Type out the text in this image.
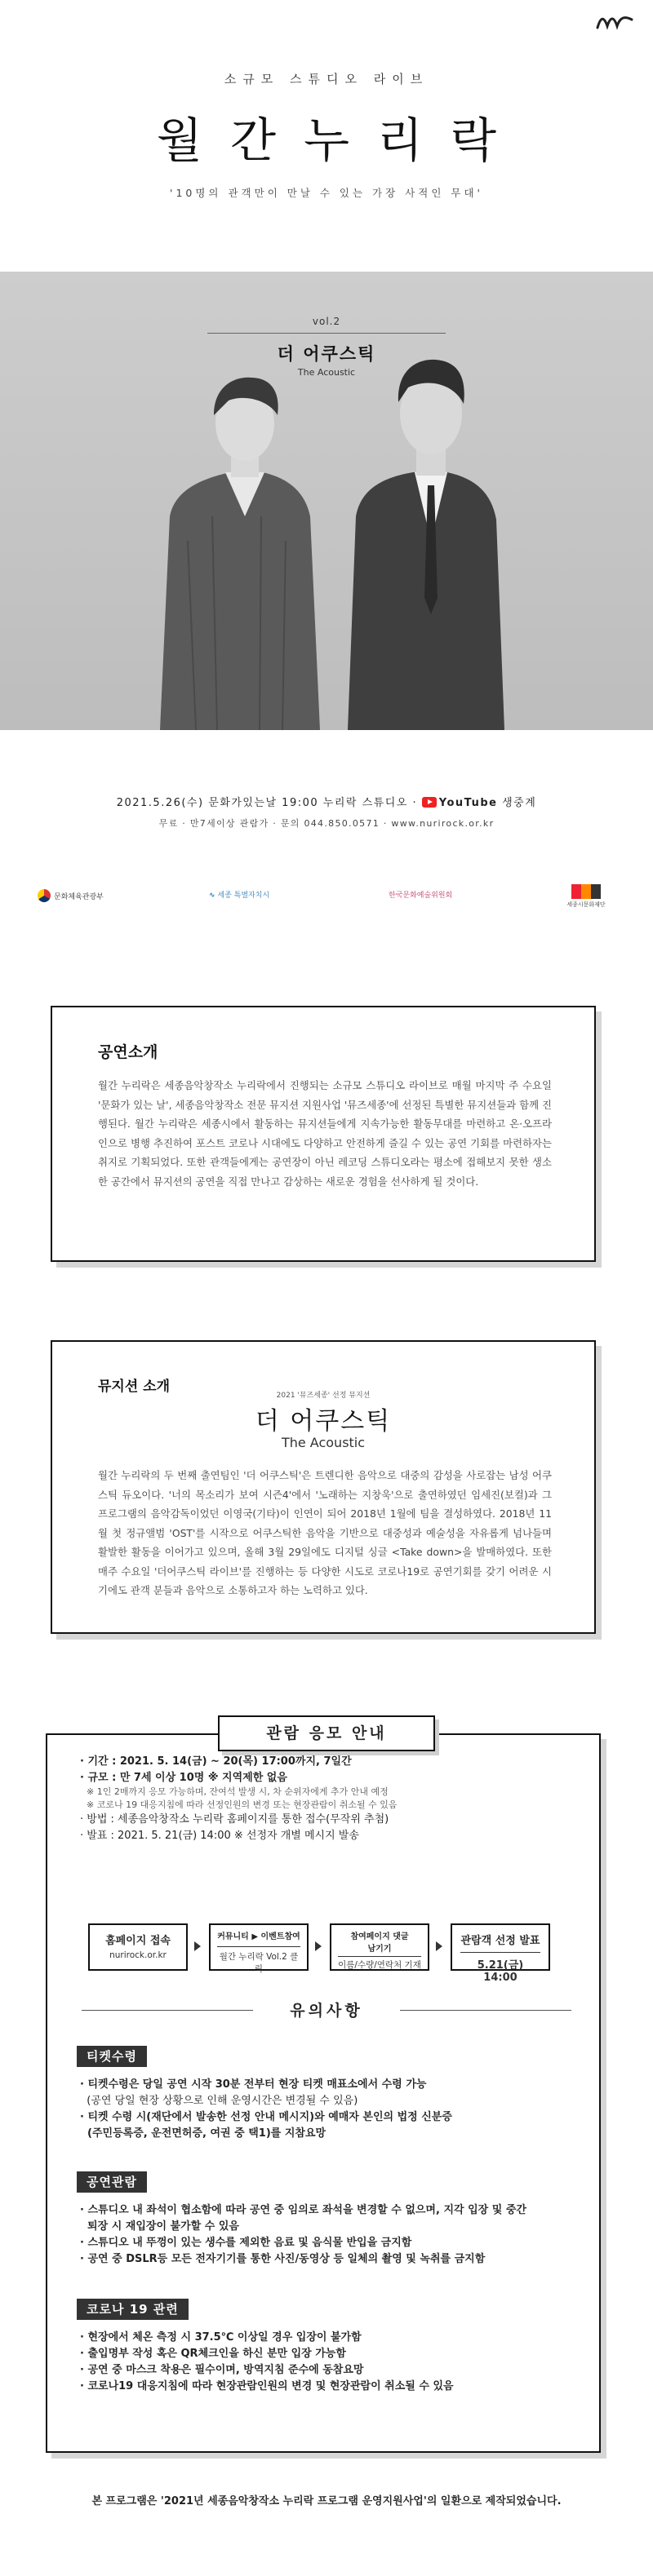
소규모 스튜디오 라이브
월간누리락
'10명의 관객만이 만날 수 있는 가장 사적인 무대'
vol.2
더 어쿠스틱
The Acoustic
2021.5.26(수) 문화가있는날 19:00 누리락 스튜디오 · YouTube 생중계
무료 · 만7세이상 관람가 · 문의 044.850.0571 · www.nurirock.or.kr
문화체육관광부	∿ 세종 특별자치시	한국문화예술위원회
세종시문화재단
공연소개
월간 누리락은 세종음악창작소 누리락에서 진행되는 소규모 스튜디오 라이브로 매월 마지막 주 수요일 '문화가 있는 날', 세종음악창작소 전문 뮤지션 지원사업 '뮤즈세종'에 선정된 특별한 뮤지션들과 함께 진행된다. 월간 누리락은 세종시에서 활동하는 뮤지션들에게 지속가능한 활동무대를 마련하고 온·오프라인으로 병행 추진하여 포스트 코로나 시대에도 다양하고 안전하게 즐길 수 있는 공연 기회를 마련하자는 취지로 기획되었다. 또한 관객들에게는 공연장이 아닌 레코딩 스튜디오라는 평소에 접해보지 못한 생소한 공간에서 뮤지션의 공연을 직접 만나고 감상하는 새로운 경험을 선사하게 될 것이다.
뮤지션 소개
2021 '뮤즈세종' 선정 뮤지션
더 어쿠스틱
The Acoustic
월간 누리락의 두 번째 출연팀인 '더 어쿠스틱'은 트렌디한 음악으로 대중의 감성을 사로잡는 남성 어쿠스틱 듀오이다. '너의 목소리가 보여 시즌4'에서 '노래하는 지창욱'으로 출연하였던 임세진(보컬)과 그 프로그램의 음악감독이었던 이영국(기타)이 인연이 되어 2018년 1월에 팀을 결성하였다. 2018년 11월 첫 정규앨범 'OST'를 시작으로 어쿠스틱한 음악을 기반으로 대중성과 예술성을 자유롭게 넘나들며 활발한 활동을 이어가고 있으며, 올해 3월 29일에도 디지털 싱글 <Take down>을 발매하였다. 또한 매주 수요일 '더어쿠스틱 라이브'를 진행하는 등 다양한 시도로 코로나19로 공연기회를 갖기 어려운 시기에도 관객 분들과 음악으로 소통하고자 하는 노력하고 있다.
관람 응모 안내
· 기간 : 2021. 5. 14(금) ~ 20(목) 17:00까지, 7일간
· 규모 : 만 7세 이상 10명 ※ 지역제한 없음
※ 1인 2매까지 응모 가능하며, 잔여석 발생 시, 차 순위자에게 추가 안내 예정
※ 코로나 19 대응지침에 따라 선정인원의 변경 또는 현장관람이 취소될 수 있음
· 방법 : 세종음악창작소 누리락 홈페이지를 통한 접수(무작위 추첨)
· 발표 : 2021. 5. 21(금) 14:00 ※ 선정자 개별 메시지 발송
홈페이지 접속
nurirock.or.kr
커뮤니티 ▶ 이벤트참여
월간 누리락 Vol.2 클릭
참여페이지 댓글 남기기
이름/수량/연락처 기재
관람객 선정 발표
5.21(금) 14:00
유의사항
티켓수령
· 티켓수령은 당일 공연 시작 30분 전부터 현장 티켓 매표소에서 수령 가능
(공연 당일 현장 상황으로 인해 운영시간은 변경될 수 있음)
· 티켓 수령 시(재단에서 발송한 선정 안내 메시지)와 예매자 본인의 법정 신분증
(주민등록증, 운전면허증, 여권 중 택1)를 지참요망
공연관람
· 스튜디오 내 좌석이 협소함에 따라 공연 중 임의로 좌석을 변경할 수 없으며, 지각 입장 및 중간
퇴장 시 재입장이 불가할 수 있음
· 스튜디오 내 뚜껑이 있는 생수를 제외한 음료 및 음식물 반입을 금지함
· 공연 중 DSLR등 모든 전자기기를 통한 사진/동영상 등 일체의 촬영 및 녹취를 금지함
코로나 19 관련
· 현장에서 체온 측정 시 37.5℃ 이상일 경우 입장이 불가함
· 출입명부 작성 혹은 QR체크인을 하신 분만 입장 가능함
· 공연 중 마스크 착용은 필수이며, 방역지침 준수에 동참요망
· 코로나19 대응지침에 따라 현장관람인원의 변경 및 현장관람이 취소될 수 있음
본 프로그램은 '2021년 세종음악창작소 누리락 프로그램 운영지원사업'의 일환으로 제작되었습니다.
